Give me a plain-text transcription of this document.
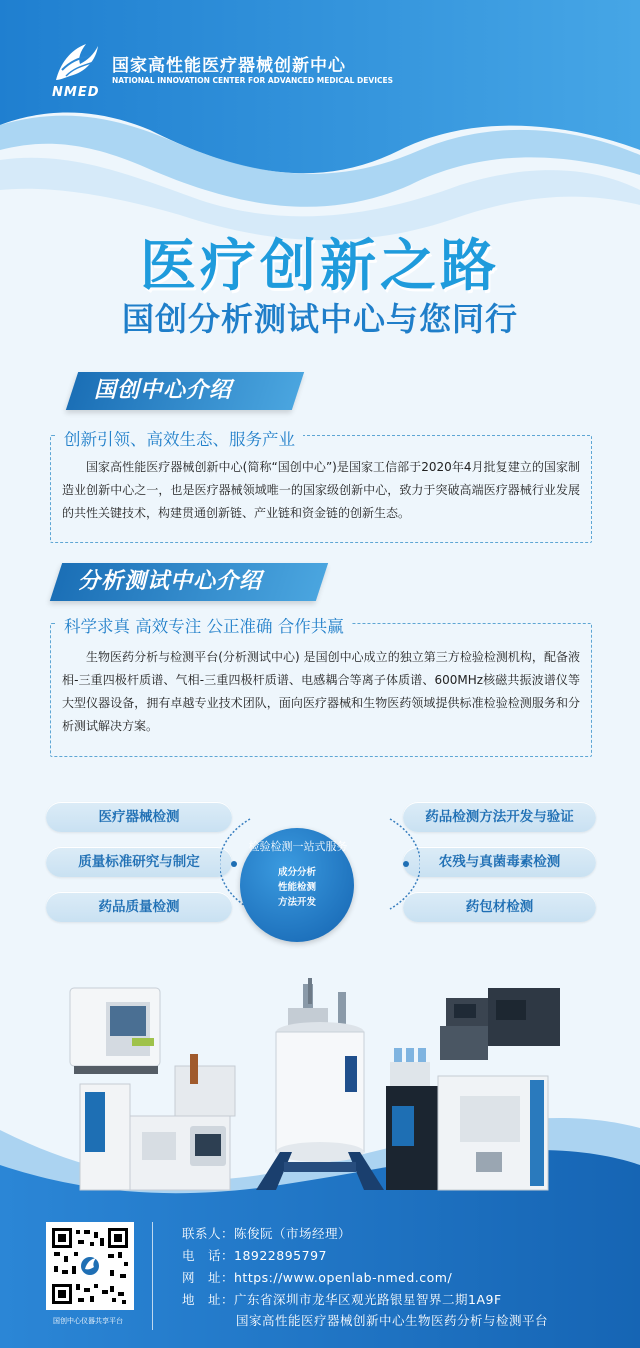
NMED
国家高性能医疗器械创新中心
NATIONAL INNOVATION CENTER FOR ADVANCED MEDICAL DEVICES
医疗创新之路
国创分析测试中心与您同行
国创中心介绍
创新引领、高效生态、服务产业
国家高性能医疗器械创新中心(简称“国创中心”)是国家工信部于2020年4月批复建立的国家制造业创新中心之一，也是医疗器械领域唯一的国家级创新中心，致力于突破高端医疗器械行业发展的共性关键技术，构建贯通创新链、产业链和资金链的创新生态。
分析测试中心介绍
科学求真 高效专注 公正准确 合作共赢
生物医药分析与检测平台(分析测试中心) 是国创中心成立的独立第三方检验检测机构，配备液相-三重四极杆质谱、气相-三重四极杆质谱、电感耦合等离子体质谱、600MHz核磁共振波谱仪等大型仪器设备，拥有卓越专业技术团队，面向医疗器械和生物医药领域提供标准检验检测服务和分析测试解决方案。
医疗器械检测
质量标准研究与制定
药品质量检测
药品检测方法开发与验证
农残与真菌毒素检测
药包材检测
检验检测一站式服务
成分分析
性能检测
方法开发
国创中心仪器共享平台
联系人：陈俊阮（市场经理）
电　话：18922895797
网　址：https://www.openlab-nmed.com/
地　址：广东省深圳市龙华区观光路银星智界二期1A9F
国家高性能医疗器械创新中心生物医药分析与检测平台
